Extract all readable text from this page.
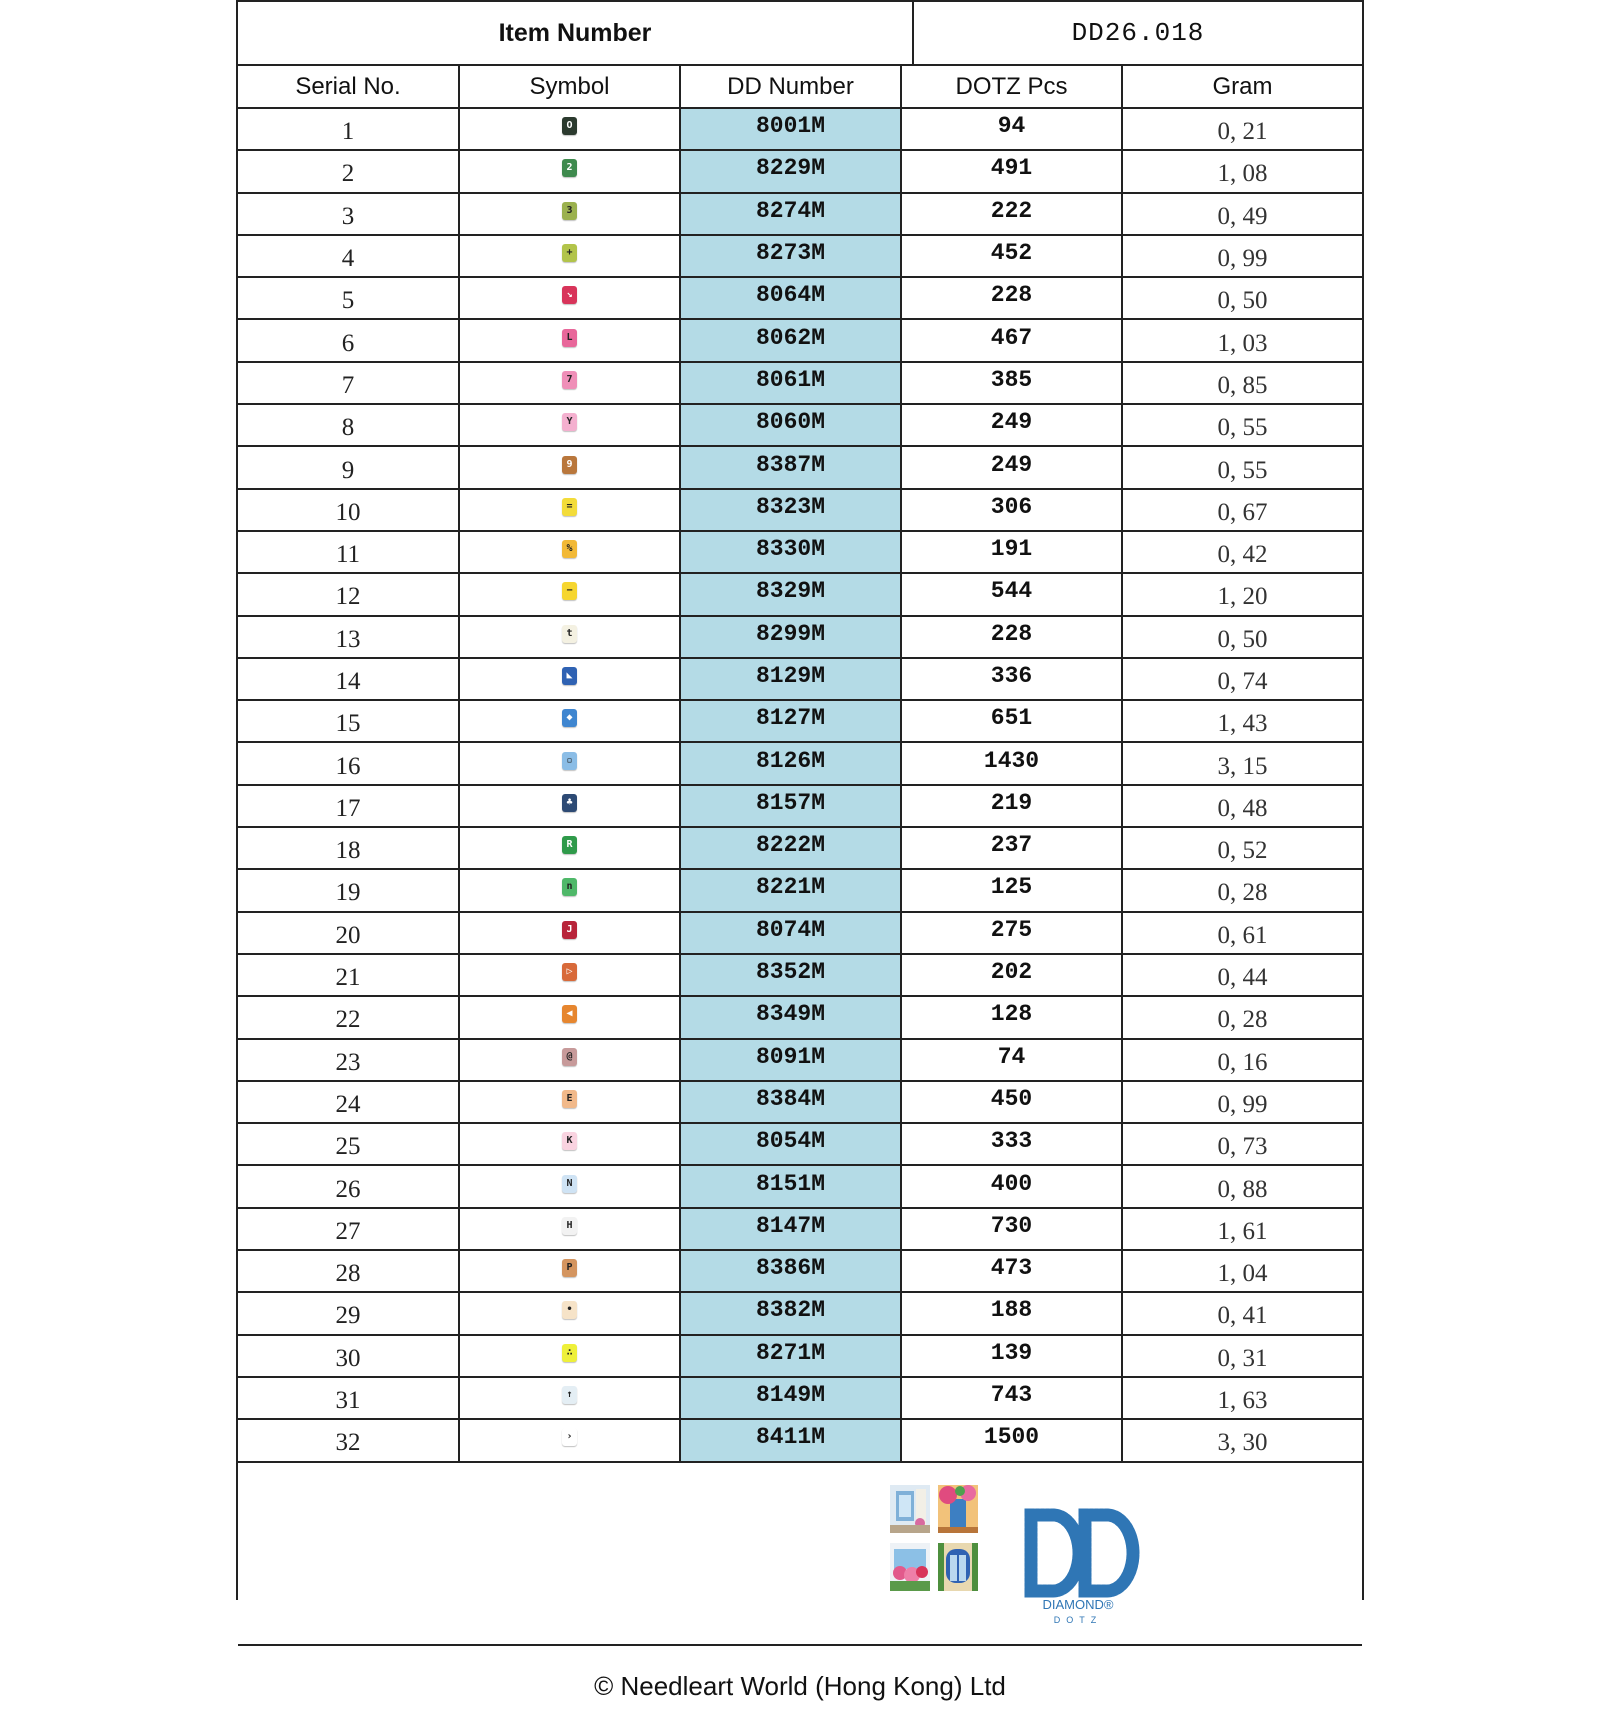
Item Number	DD26.018
Serial No.	Symbol	DD Number	DOTZ Pcs	Gram
1	O	8001M	94	0, 21
2	2	8229M	491	1, 08
3	3	8274M	222	0, 49
4	+	8273M	452	0, 99
5	↘	8064M	228	0, 50
6	L	8062M	467	1, 03
7	7	8061M	385	0, 85
8	Y	8060M	249	0, 55
9	9	8387M	249	0, 55
10	=	8323M	306	0, 67
11	%	8330M	191	0, 42
12	−	8329M	544	1, 20
13	t	8299M	228	0, 50
14	◣	8129M	336	0, 74
15	◆	8127M	651	1, 43
16	▫	8126M	1430	3, 15
17	♣	8157M	219	0, 48
18	R	8222M	237	0, 52
19	n	8221M	125	0, 28
20	J	8074M	275	0, 61
21	▷	8352M	202	0, 44
22	◀	8349M	128	0, 28
23	@	8091M	74	0, 16
24	E	8384M	450	0, 99
25	K	8054M	333	0, 73
26	N	8151M	400	0, 88
27	H	8147M	730	1, 61
28	P	8386M	473	1, 04
29	•	8382M	188	0, 41
30	∴	8271M	139	0, 31
31	↑	8149M	743	1, 63
32	›	8411M	1500	3, 30
DIAMOND®
DOTZ
© Needleart World (Hong Kong) Ltd
